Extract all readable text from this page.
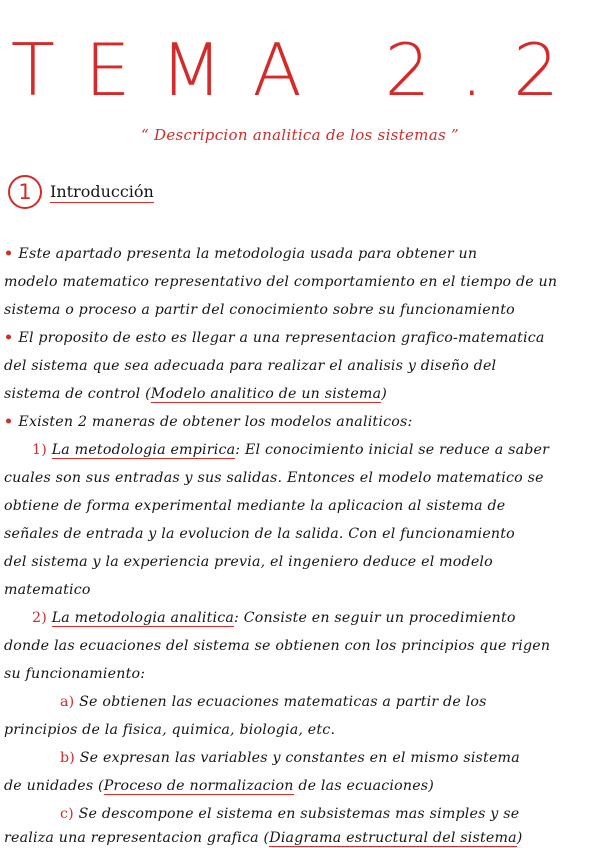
TEMA 2.2
“ Descripcion analitica de los sistemas ”
1	Introducción
• Este apartado presenta la metodologia usada para obtener un
modelo matematico representativo del comportamiento en el tiempo de un
sistema o proceso a partir del conocimiento sobre su funcionamiento
• El proposito de esto es llegar a una representacion grafico-matematica
del sistema que sea adecuada para realizar el analisis y diseño del
sistema de control (Modelo analitico de un sistema)
• Existen 2 maneras de obtener los modelos analiticos:
1) La metodologia empirica: El conocimiento inicial se reduce a saber
cuales son sus entradas y sus salidas. Entonces el modelo matematico se
obtiene de forma experimental mediante la aplicacion al sistema de
señales de entrada y la evolucion de la salida. Con el funcionamiento
del sistema y la experiencia previa, el ingeniero deduce el modelo
matematico
2) La metodologia analitica: Consiste en seguir un procedimiento
donde las ecuaciones del sistema se obtienen con los principios que rigen
su funcionamiento:
a) Se obtienen las ecuaciones matematicas a partir de los
principios de la fisica, quimica, biologia, etc.
b) Se expresan las variables y constantes en el mismo sistema
de unidades (Proceso de normalizacion de las ecuaciones)
c) Se descompone el sistema en subsistemas mas simples y se
realiza una representacion grafica (Diagrama estructural del sistema)
